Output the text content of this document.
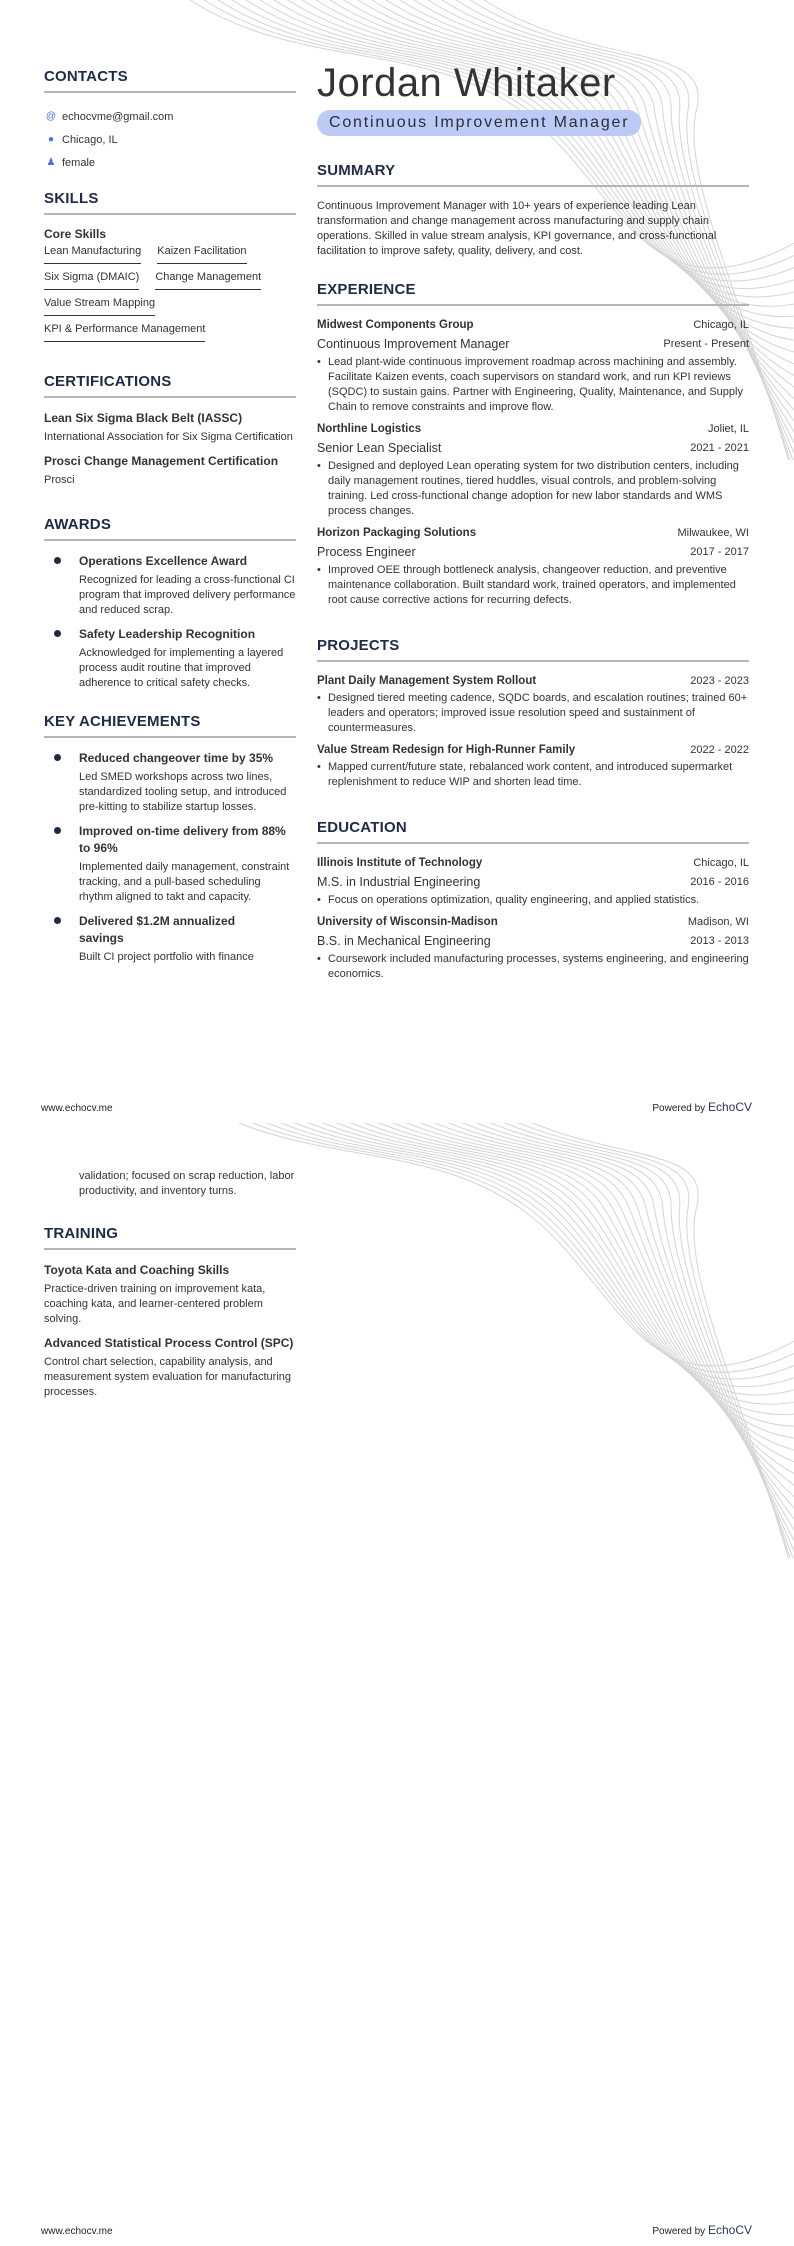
CONTACTS
@ echocvme@gmail.com
● Chicago, IL
♟ female
SKILLS
Core Skills
Lean Manufacturing Kaizen Facilitation
Six Sigma (DMAIC) Change Management
Value Stream Mapping
KPI & Performance Management
CERTIFICATIONS
Lean Six Sigma Black Belt (IASSC)
International Association for Six Sigma Certification
Prosci Change Management Certification
Prosci
AWARDS
Operations Excellence Award
Recognized for leading a cross-functional CI program that improved delivery performance and reduced scrap.
Safety Leadership Recognition
Acknowledged for implementing a layered process audit routine that improved adherence to critical safety checks.
KEY ACHIEVEMENTS
Reduced changeover time by 35%
Led SMED workshops across two lines, standardized tooling setup, and introduced pre-kitting to stabilize startup losses.
Improved on-time delivery from 88% to 96%
Implemented daily management, constraint tracking, and a pull-based scheduling rhythm aligned to takt and capacity.
Delivered $1.2M annualized savings
Built CI project portfolio with finance
Jordan Whitaker
Continuous Improvement Manager
SUMMARY
Continuous Improvement Manager with 10+ years of experience leading Lean transformation and change management across manufacturing and supply chain operations. Skilled in value stream analysis, KPI governance, and cross-functional facilitation to improve safety, quality, delivery, and cost.
EXPERIENCE
Midwest Components Group	Chicago, IL
Continuous Improvement Manager	Present - Present
• Lead plant-wide continuous improvement roadmap across machining and assembly. Facilitate Kaizen events, coach supervisors on standard work, and run KPI reviews (SQDC) to sustain gains. Partner with Engineering, Quality, Maintenance, and Supply Chain to remove constraints and improve flow.
Northline Logistics	Joliet, IL
Senior Lean Specialist	2021 - 2021
• Designed and deployed Lean operating system for two distribution centers, including daily management routines, tiered huddles, visual controls, and problem-solving training. Led cross-functional change adoption for new labor standards and WMS process changes.
Horizon Packaging Solutions	Milwaukee, WI
Process Engineer	2017 - 2017
• Improved OEE through bottleneck analysis, changeover reduction, and preventive maintenance collaboration. Built standard work, trained operators, and implemented root cause corrective actions for recurring defects.
PROJECTS
Plant Daily Management System Rollout	2023 - 2023
• Designed tiered meeting cadence, SQDC boards, and escalation routines; trained 60+ leaders and operators; improved issue resolution speed and sustainment of countermeasures.
Value Stream Redesign for High-Runner Family	2022 - 2022
• Mapped current/future state, rebalanced work content, and introduced supermarket replenishment to reduce WIP and shorten lead time.
EDUCATION
Illinois Institute of Technology	Chicago, IL
M.S. in Industrial Engineering	2016 - 2016
• Focus on operations optimization, quality engineering, and applied statistics.
University of Wisconsin-Madison	Madison, WI
B.S. in Mechanical Engineering	2013 - 2013
• Coursework included manufacturing processes, systems engineering, and engineering economics.
www.echocv.me	Powered by EchoCV
validation; focused on scrap reduction, labor productivity, and inventory turns.
TRAINING
Toyota Kata and Coaching Skills
Practice-driven training on improvement kata, coaching kata, and learner-centered problem solving.
Advanced Statistical Process Control (SPC)
Control chart selection, capability analysis, and measurement system evaluation for manufacturing processes.
www.echocv.me	Powered by EchoCV
